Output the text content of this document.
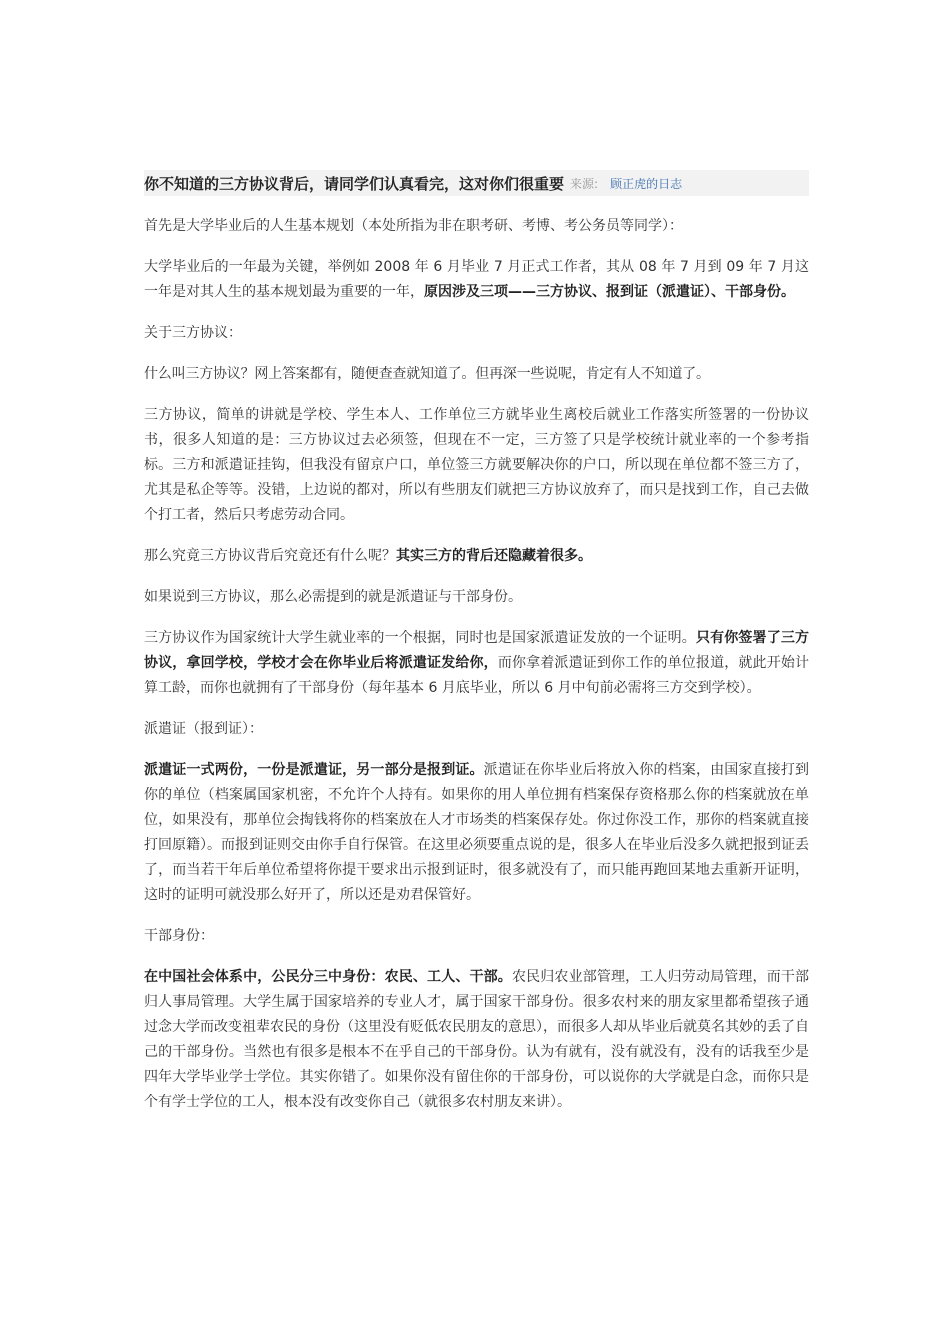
你不知道的三方协议背后，请同学们认真看完，这对你们很重要 来源: 顾正虎的日志

首先是大学毕业后的人生基本规划（本处所指为非在职考研、考博、考公务员等同学）：

大学毕业后的一年最为关键，举例如 2008 年 6 月毕业 7 月正式工作者，其从 08 年 7 月到 09 年 7 月这一年是对其人生的基本规划最为重要的一年，原因涉及三项——三方协议、报到证（派遣证）、干部身份。

关于三方协议：

什么叫三方协议？网上答案都有，随便查查就知道了。但再深一些说呢，肯定有人不知道了。

三方协议，简单的讲就是学校、学生本人、工作单位三方就毕业生离校后就业工作落实所签署的一份协议书，很多人知道的是：三方协议过去必须签，但现在不一定，三方签了只是学校统计就业率的一个参考指标。三方和派遣证挂钩，但我没有留京户口，单位签三方就要解决你的户口，所以现在单位都不签三方了，尤其是私企等等。没错，上边说的都对，所以有些朋友们就把三方协议放弃了，而只是找到工作，自己去做个打工者，然后只考虑劳动合同。

那么究竟三方协议背后究竟还有什么呢？其实三方的背后还隐藏着很多。

如果说到三方协议，那么必需提到的就是派遣证与干部身份。

三方协议作为国家统计大学生就业率的一个根据，同时也是国家派遣证发放的一个证明。只有你签署了三方协议，拿回学校，学校才会在你毕业后将派遣证发给你，而你拿着派遣证到你工作的单位报道，就此开始计算工龄，而你也就拥有了干部身份（每年基本 6 月底毕业，所以 6 月中旬前必需将三方交到学校）。

派遣证（报到证）：

派遣证一式两份，一份是派遣证，另一部分是报到证。派遣证在你毕业后将放入你的档案，由国家直接打到你的单位（档案属国家机密，不允许个人持有。如果你的用人单位拥有档案保存资格那么你的档案就放在单位，如果没有，那单位会掏钱将你的档案放在人才市场类的档案保存处。你过你没工作，那你的档案就直接打回原籍）。而报到证则交由你手自行保管。在这里必须要重点说的是，很多人在毕业后没多久就把报到证丢了，而当若干年后单位希望将你提干要求出示报到证时，很多就没有了，而只能再跑回某地去重新开证明，这时的证明可就没那么好开了，所以还是劝君保管好。

干部身份：

在中国社会体系中，公民分三中身份：农民、工人、干部。农民归农业部管理，工人归劳动局管理，而干部归人事局管理。大学生属于国家培养的专业人才，属于国家干部身份。很多农村来的朋友家里都希望孩子通过念大学而改变祖辈农民的身份（这里没有贬低农民朋友的意思），而很多人却从毕业后就莫名其妙的丢了自己的干部身份。当然也有很多是根本不在乎自己的干部身份。认为有就有，没有就没有，没有的话我至少是四年大学毕业学士学位。其实你错了。如果你没有留住你的干部身份，可以说你的大学就是白念，而你只是个有学士学位的工人，根本没有改变你自己（就很多农村朋友来讲）。
